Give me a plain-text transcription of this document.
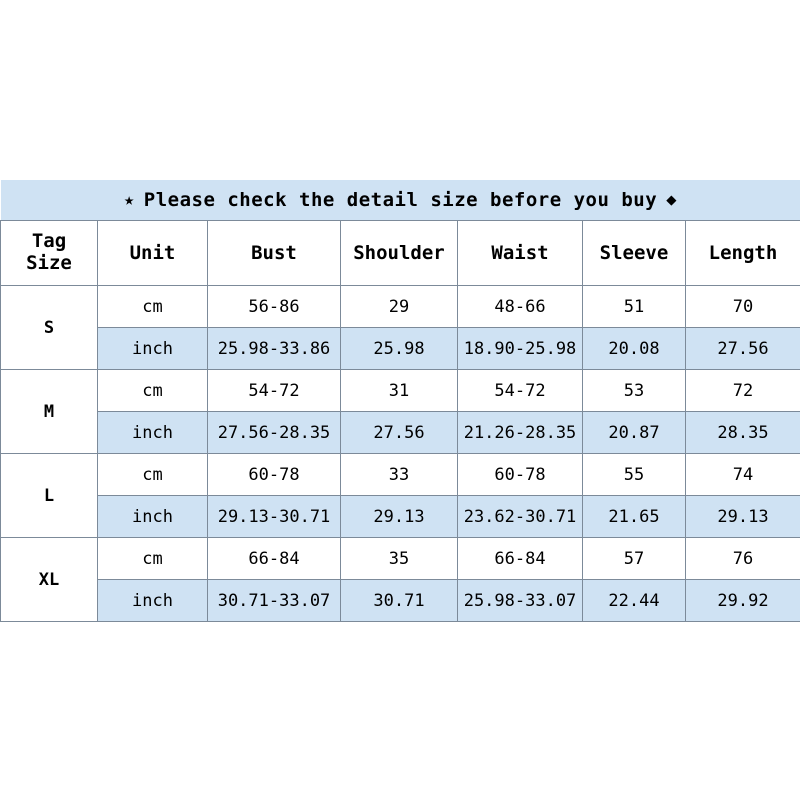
★ Please check the detail size before you buy ◆						

Tag
Size	Unit	Bust	Shoulder	Waist	Sleeve	Length
S	cm	56-86	29	48-66	51	70
	inch	25.98-33.86	25.98	18.90-25.98	20.08	27.56
M	cm	54-72	31	54-72	53	72
	inch	27.56-28.35	27.56	21.26-28.35	20.87	28.35
L	cm	60-78	33	60-78	55	74
	inch	29.13-30.71	29.13	23.62-30.71	21.65	29.13
XL	cm	66-84	35	66-84	57	76
	inch	30.71-33.07	30.71	25.98-33.07	22.44	29.92
